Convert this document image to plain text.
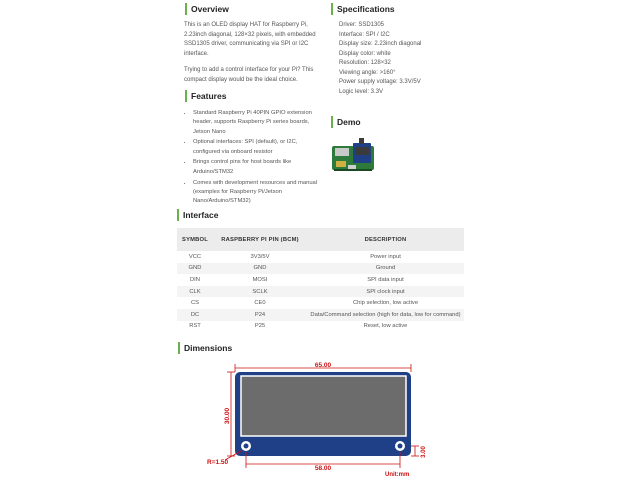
Overview
This is an OLED display HAT for Raspberry Pi,
2.23inch diagonal, 128×32 pixels, with embedded
SSD1305 driver, communicating via SPI or I2C
interface.
Trying to add a control interface for your Pi? This
compact display would be the ideal choice.
Specifications
Driver: SSD1305
Interface: SPI / I2C
Display size: 2.23inch diagonal
Display color: white
Resolution: 128×32
Viewing angle: >160°
Power supply voltage: 3.3V/5V
Logic level: 3.3V
Features
• Standard Raspberry Pi 40PIN GPIO extension
header, supports Raspberry Pi series boards,
Jetson Nano
• Optional interfaces: SPI (default), or I2C,
configured via onboard resistor
• Brings control pins for host boards like
Arduino/STM32
• Comes with development resources and manual
(examples for Raspberry Pi/Jetson
Nano/Arduino/STM32)
Demo
Interface
SYMBOL	RASPBERRY PI PIN (BCM)	DESCRIPTION
VCC	3V3/5V	Power input
GND	GND	Ground
DIN	MOSI	SPI data input
CLK	SCLK	SPI clock input
CS	CE0	Chip selection, low active
DC	P24	Data/Command selection (high for data, low for command)
RST	P25	Reset, low active
Dimensions
65.00
58.00
30.00
R=1.50
3.00
Unit:mm
